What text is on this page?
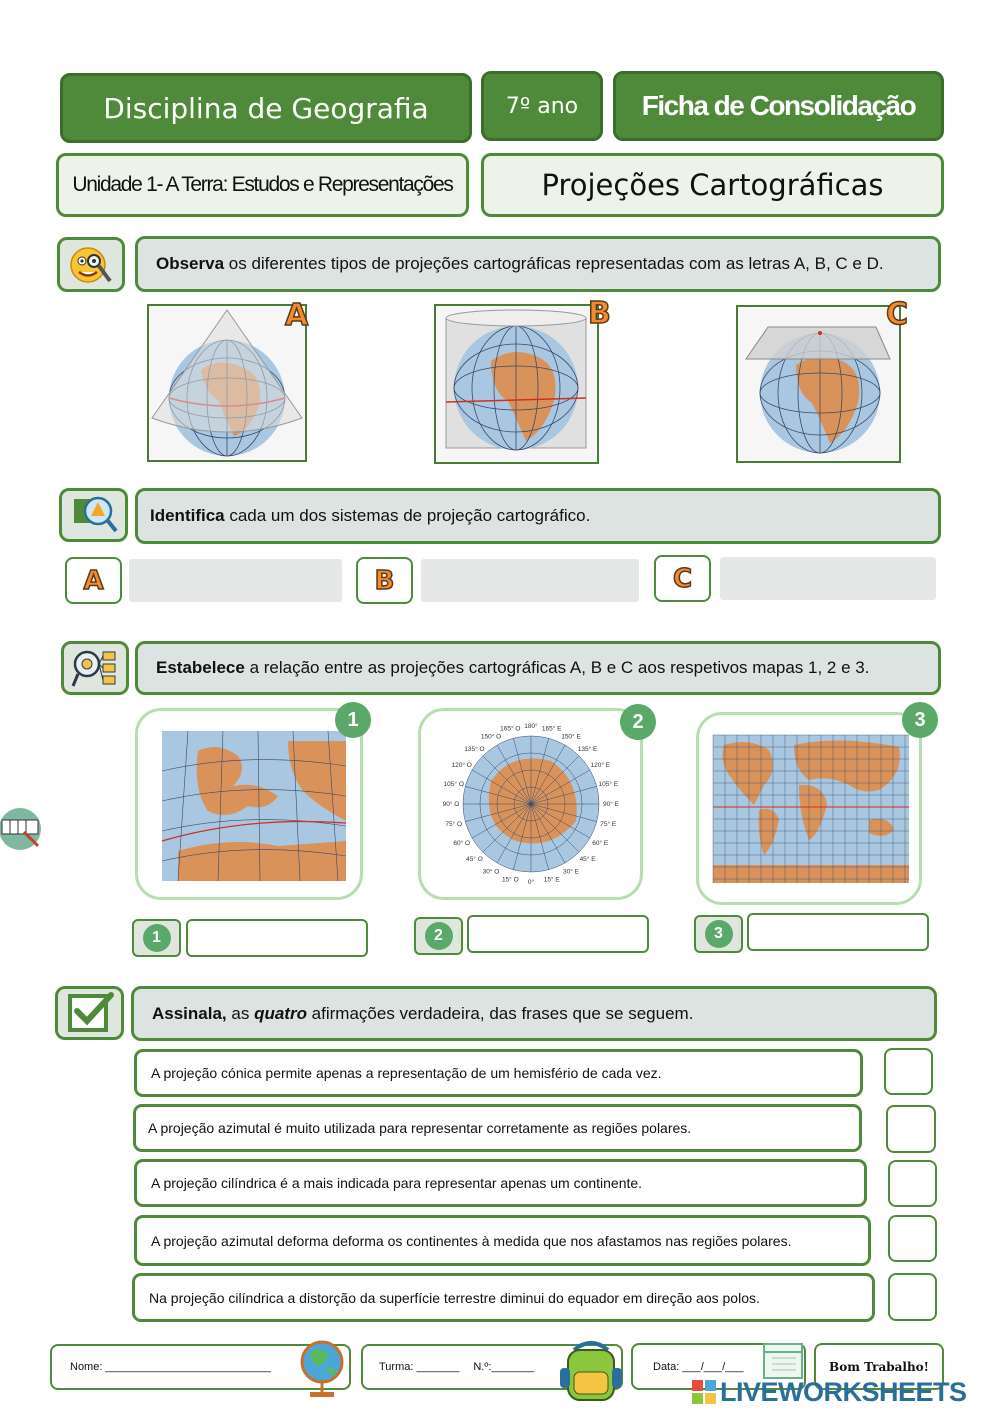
Disciplina de Geografia	7º ano Ficha de Consolidação
Unidade 1- A Terra: Estudos e Representações	Projeções Cartográficas
Observa os diferentes tipos de projeções cartográficas representadas com as letras A, B, C e D.
A	B	C
Identifica cada um dos sistemas de projeção cartográfico.
A	B	C
Estabelece a relação entre as projeções cartográficas A, B e C aos respetivos mapas 1, 2 e 3.
1	180°
165° O	165° E
150° O	150° E
135° O	135° E
120° O	120° E
105° O	105° E
90° O	90° E
75° O	75° E
60° O	60° E
45° O	45° E
30° O	30° E
15° O	15° E
0°
2	3
1	2	3
Assinala, as quatro afirmações verdadeira, das frases que se seguem.
A projeção cónica permite apenas a representação de um hemisfério de cada vez.
A projeção azimutal é muito utilizada para representar corretamente as regiões polares.
A projeção cilíndrica é a mais indicada para representar apenas um continente.
A projeção azimutal deforma deforma os continentes à medida que nos afastamos nas regiões polares.
Na projeção cilíndrica a distorção da superfície terrestre diminui do equador em direção aos polos.
Nome: ___________________________	Turma: _______ N.º:_______	Data: ___/___/___	Bom Trabalho!
LIVEWORKSHEETS
